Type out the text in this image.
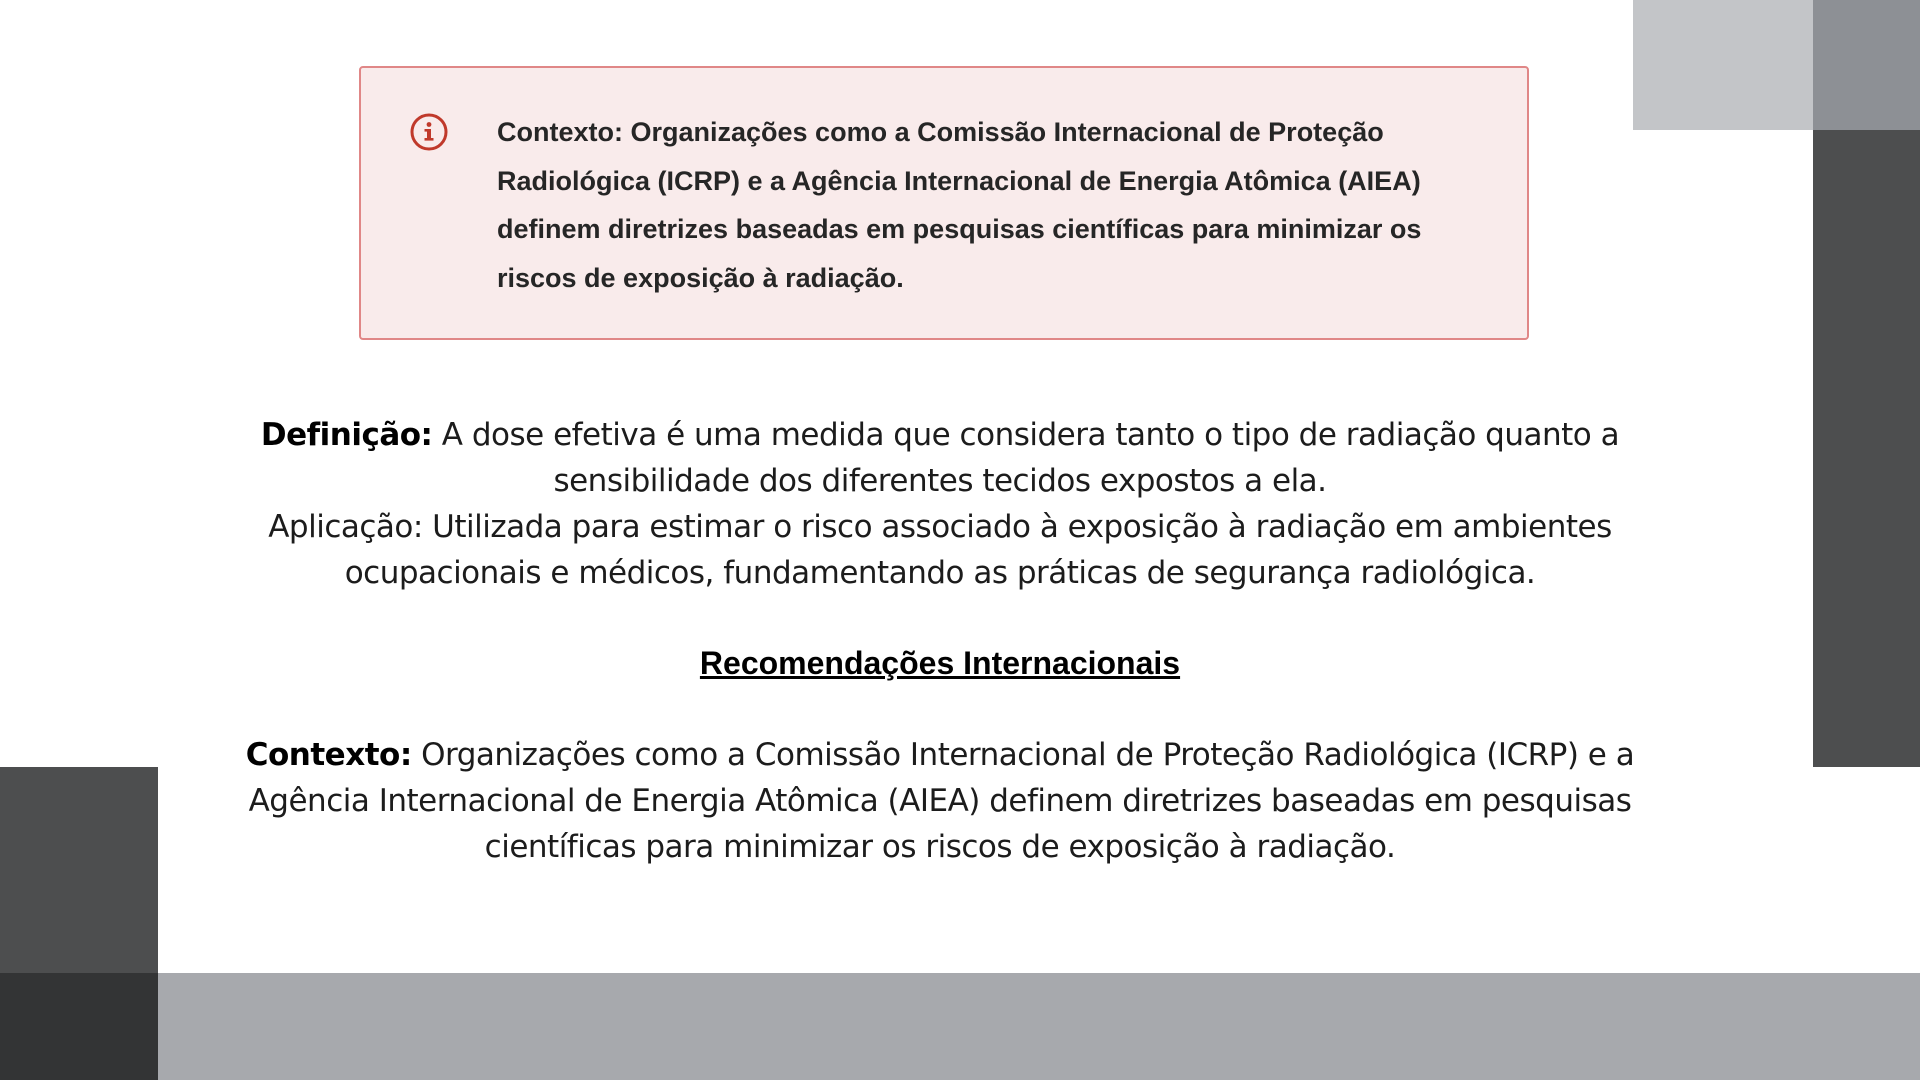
Contexto: Organizações como a Comissão Internacional de Proteção Radiológica (ICRP) e a Agência Internacional de Energia Atômica (AIEA) definem diretrizes baseadas em pesquisas científicas para minimizar os riscos de exposição à radiação.

Definição: A dose efetiva é uma medida que considera tanto o tipo de radiação quanto a sensibilidade dos diferentes tecidos expostos a ela.

Aplicação: Utilizada para estimar o risco associado à exposição à radiação em ambientes ocupacionais e médicos, fundamentando as práticas de segurança radiológica.

Recomendações Internacionais

Contexto: Organizações como a Comissão Internacional de Proteção Radiológica (ICRP) e a Agência Internacional de Energia Atômica (AIEA) definem diretrizes baseadas em pesquisas científicas para minimizar os riscos de exposição à radiação.
